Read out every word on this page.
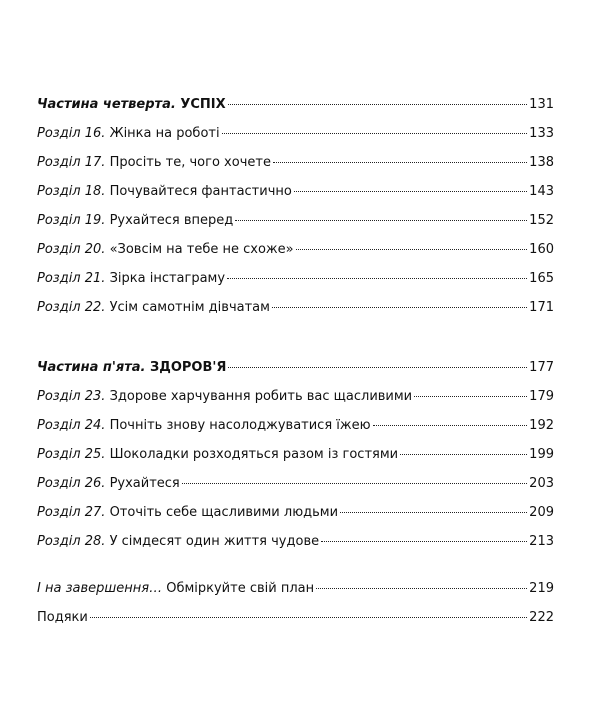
Частина четверта. УСПІХ	131
Розділ 16. Жінка на роботі	133
Розділ 17. Просіть те, чого хочете	138
Розділ 18. Почувайтеся фантастично	143
Розділ 19. Рухайтеся вперед	152
Розділ 20. «Зовсім на тебе не схоже»	160
Розділ 21. Зірка інстаграму	165
Розділ 22. Усім самотнім дівчатам	171
Частина п'ята. ЗДОРОВ'Я	177
Розділ 23. Здорове харчування робить вас щасливими	179
Розділ 24. Почніть знову насолоджуватися їжею	192
Розділ 25. Шоколадки розходяться разом із гостями	199
Розділ 26. Рухайтеся	203
Розділ 27. Оточіть себе щасливими людьми	209
Розділ 28. У сімдесят один життя чудове	213
І на завершення… Обміркуйте свій план	219
Подяки	222
